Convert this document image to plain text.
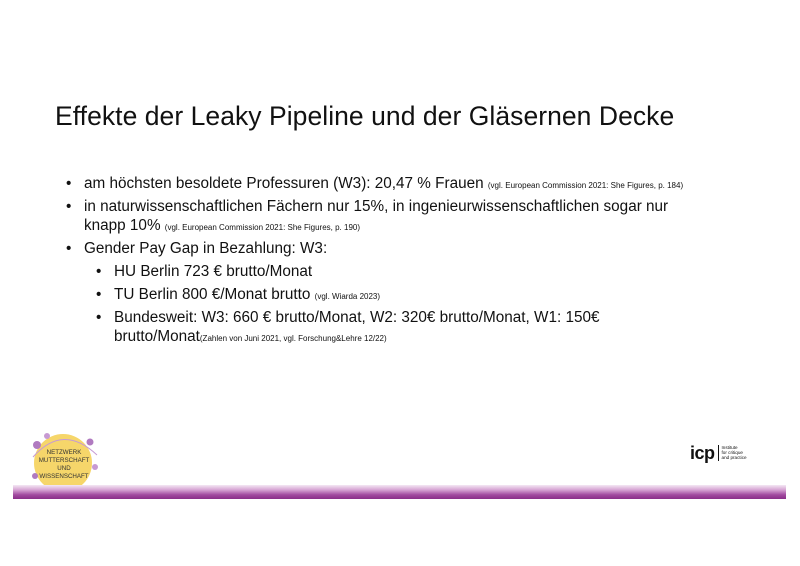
Effekte der Leaky Pipeline und der Gläsernen Decke
• am höchsten besoldete Professuren (W3): 20,47 % Frauen (vgl. European Commission 2021: She Figures, p. 184)
• in naturwissenschaftlichen Fächern nur 15%, in ingenieurwissenschaftlichen sogar nur knapp 10% (vgl. European Commission 2021: She Figures, p. 190)
• Gender Pay Gap in Bezahlung: W3:
• HU Berlin 723 € brutto/Monat
• TU Berlin 800 €/Monat brutto (vgl. Wiarda 2023)
• Bundesweit: W3: 660 € brutto/Monat, W2: 320€ brutto/Monat, W1: 150€ brutto/Monat(Zahlen von Juni 2021, vgl. Forschung&Lehre 12/22)
NETZWERK
MUTTERSCHAFT
UND
WISSENSCHAFT
icp Institute
for critique
and practice
